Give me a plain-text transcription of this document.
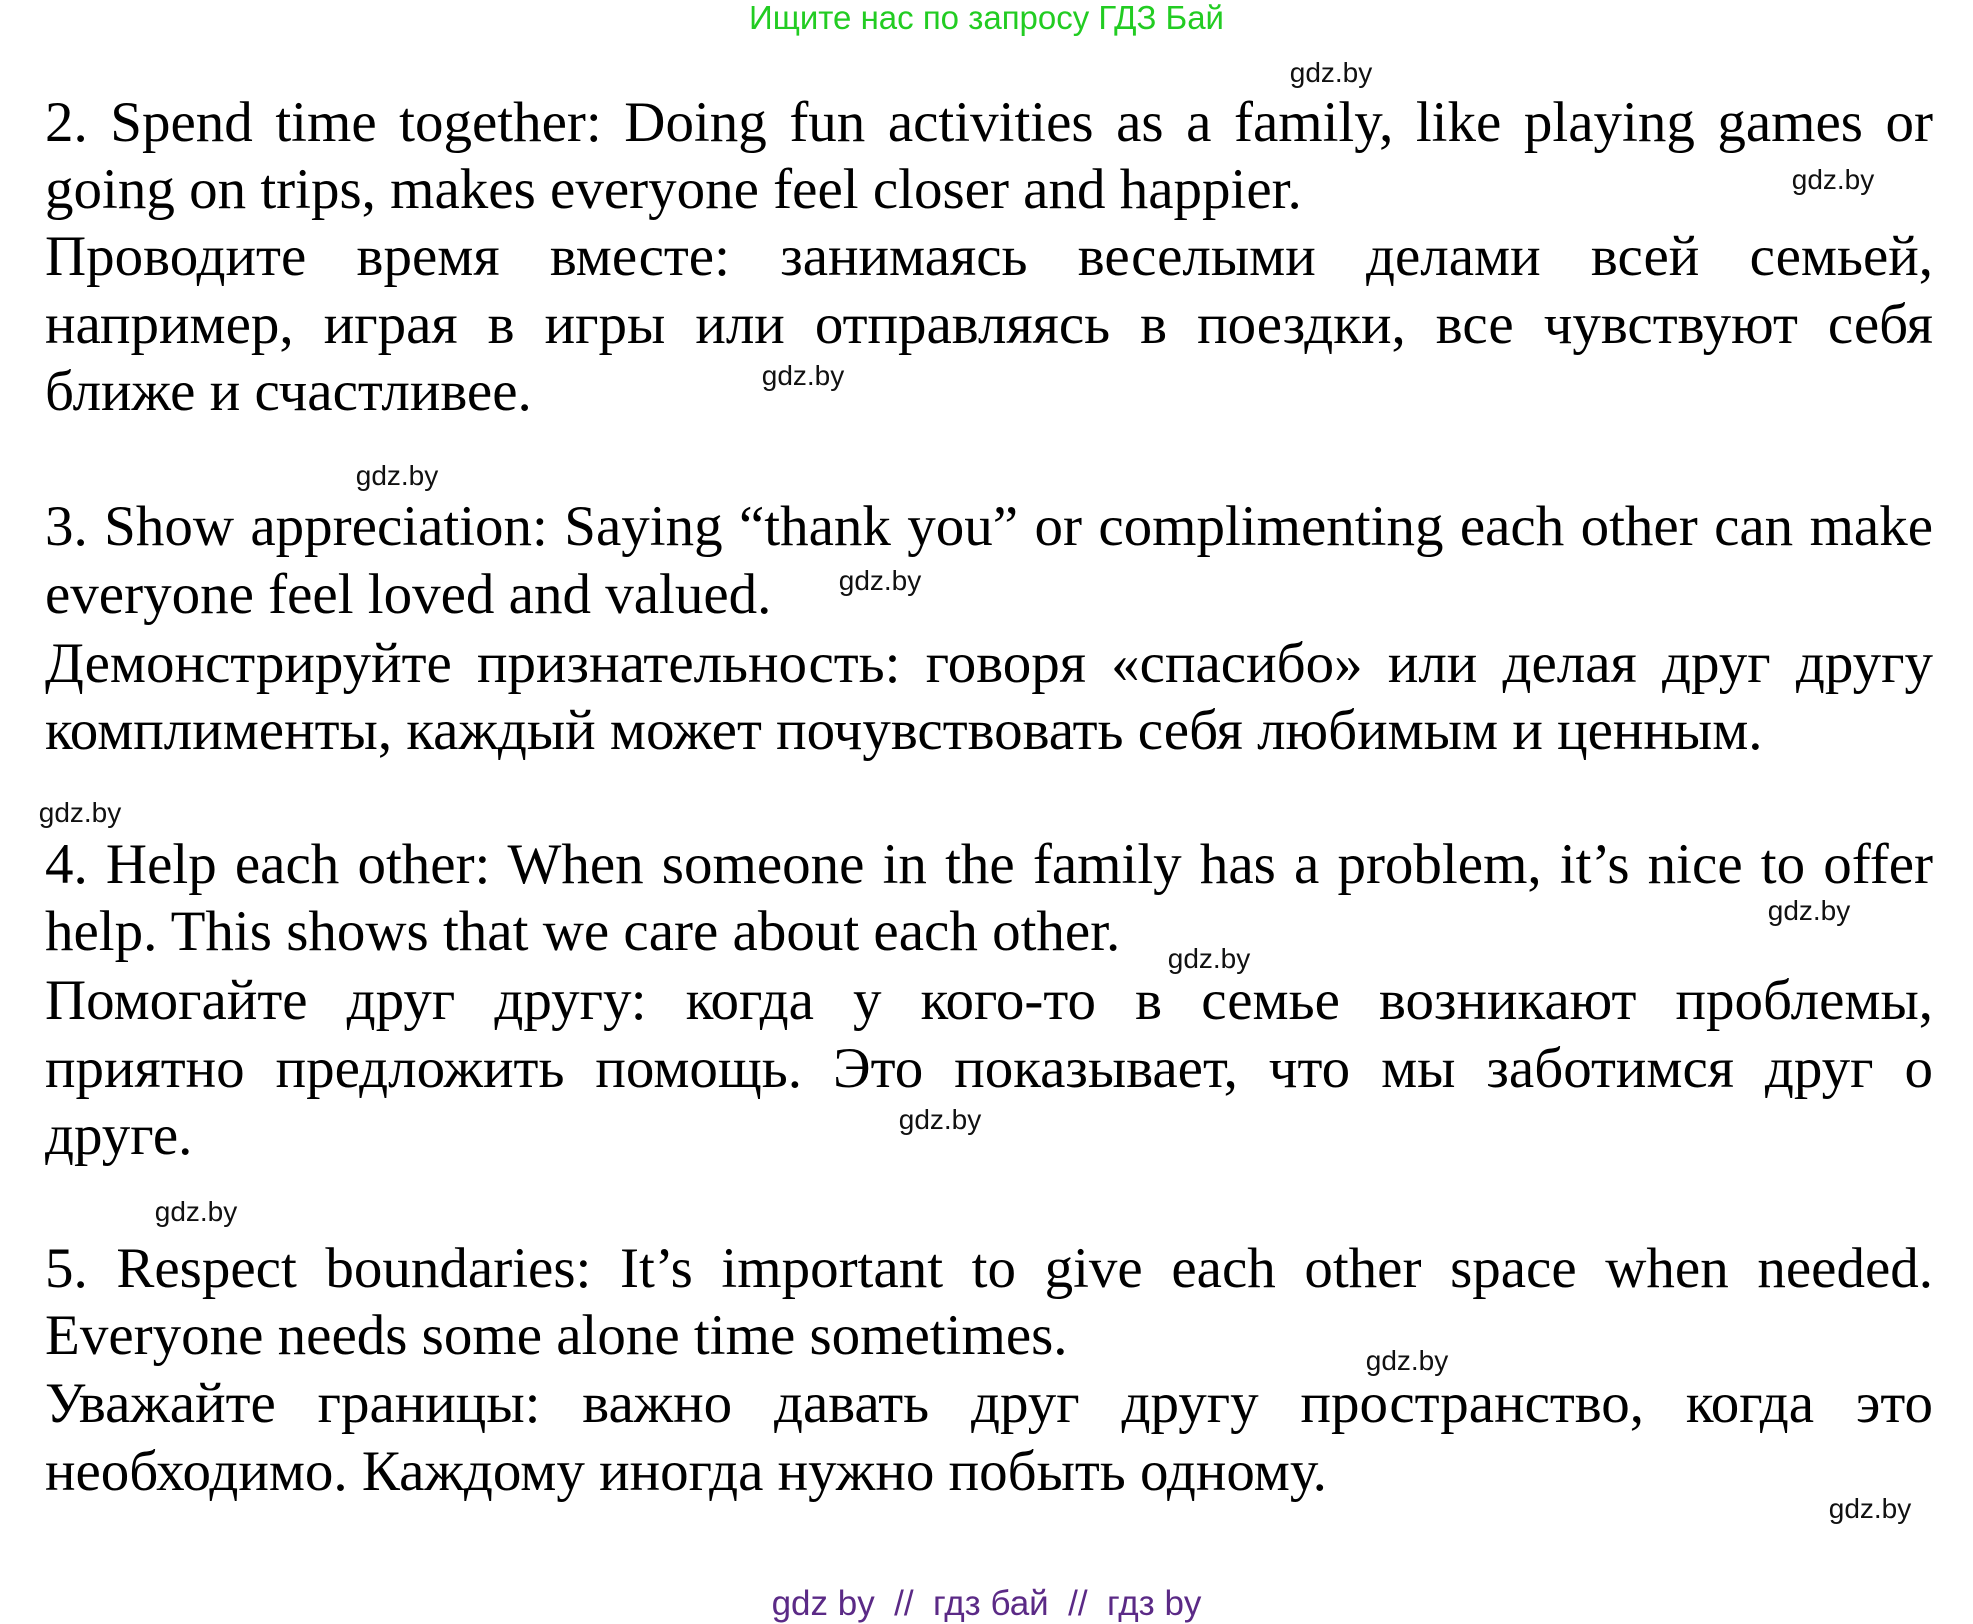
Ищите нас по запросу ГДЗ Бай
2. Spend time together: Doing fun activities as a family, like playing games or
going on trips, makes everyone feel closer and happier.
Проводите время вместе: занимаясь веселыми делами всей семьей,
например, играя в игры или отправляясь в поездки, все чувствуют себя
ближе и счастливее.
3. Show appreciation: Saying “thank you” or complimenting each other can make
everyone feel loved and valued.
Демонстрируйте признательность: говоря «спасибо» или делая друг другу
комплименты, каждый может почувствовать себя любимым и ценным.
4. Help each other: When someone in the family has a problem, it’s nice to offer
help. This shows that we care about each other.
Помогайте друг другу: когда у кого-то в семье возникают проблемы,
приятно предложить помощь. Это показывает, что мы заботимся друг о
друге.
5. Respect boundaries: It’s important to give each other space when needed.
Everyone needs some alone time sometimes.
Уважайте границы: важно давать друг другу пространство, когда это
необходимо. Каждому иногда нужно побыть одному.
gdz.by
gdz.by
gdz.by
gdz.by
gdz.by
gdz.by
gdz.by
gdz.by
gdz.by
gdz.by
gdz.by
gdz.by
gdz by  //  гдз бай  //  гдз by
